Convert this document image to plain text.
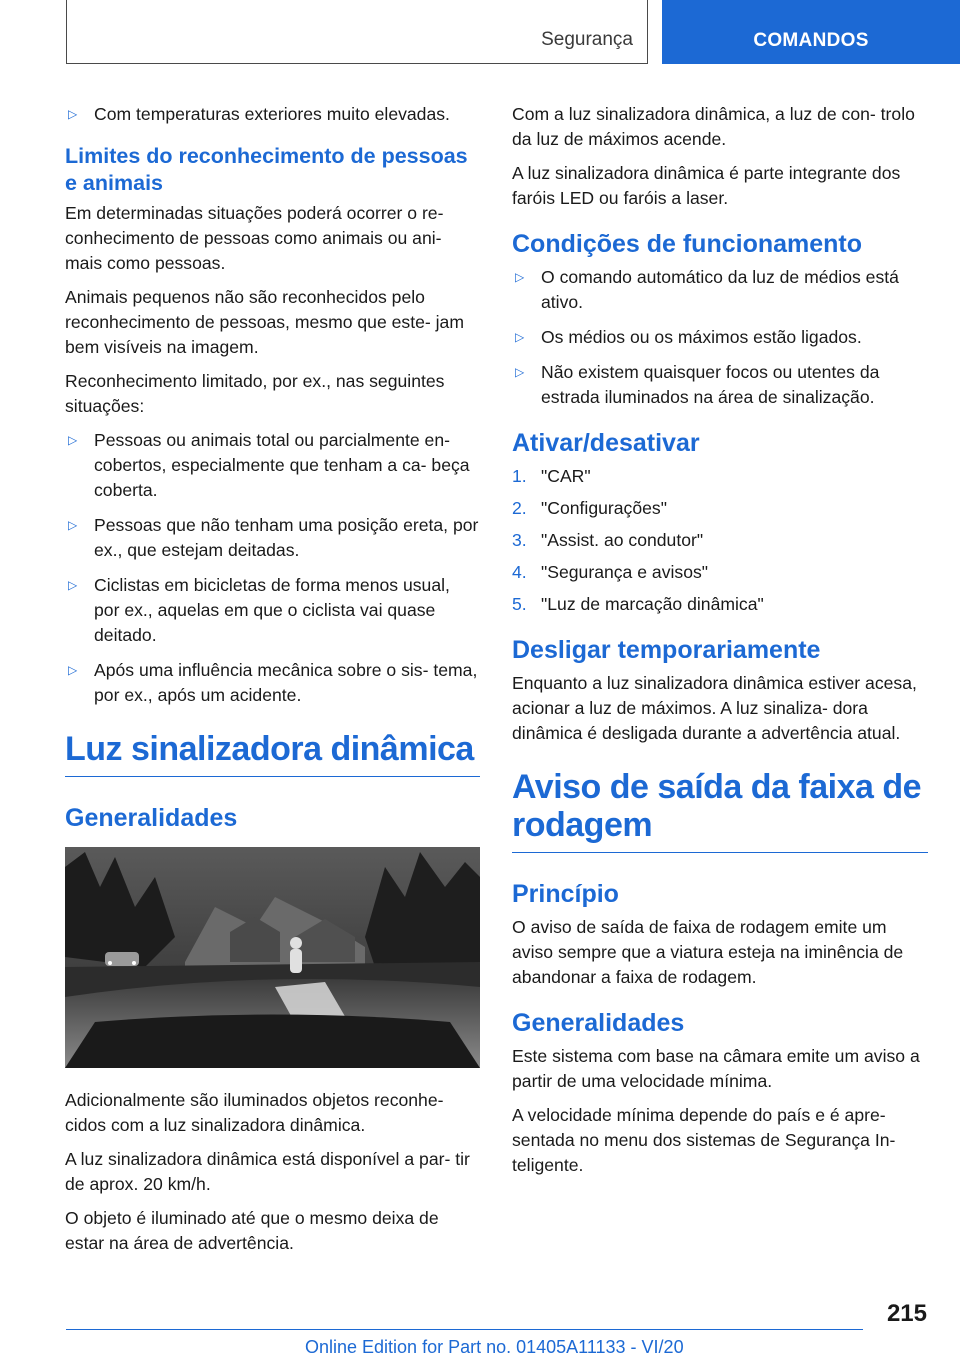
Segurança	COMANDOS
▷ Com temperaturas exteriores muito elevadas.
Limites do reconhecimento de pessoas e animais

Em determinadas situações poderá ocorrer o re- conhecimento de pessoas como animais ou ani- mais como pessoas.

Animais pequenos não são reconhecidos pelo reconhecimento de pessoas, mesmo que este- jam bem visíveis na imagem.

Reconhecimento limitado, por ex., nas seguintes situações:

▷ Pessoas ou animais total ou parcialmente en- cobertos, especialmente que tenham a ca- beça coberta.
▷ Pessoas que não tenham uma posição ereta, por ex., que estejam deitadas.
▷ Ciclistas em bicicletas de forma menos usual, por ex., aquelas em que o ciclista vai quase deitado.
▷ Após uma influência mecânica sobre o sis- tema, por ex., após um acidente.
Luz sinalizadora dinâmica
Generalidades

Adicionalmente são iluminados objetos reconhe- cidos com a luz sinalizadora dinâmica.

A luz sinalizadora dinâmica está disponível a par- tir de aprox. 20 km/h.

O objeto é iluminado até que o mesmo deixa de estar na área de advertência.

Com a luz sinalizadora dinâmica, a luz de con- trolo da luz de máximos acende.

A luz sinalizadora dinâmica é parte integrante dos faróis LED ou faróis a laser.

Condições de funcionamento
▷ O comando automático da luz de médios está ativo.
▷ Os médios ou os máximos estão ligados.
▷ Não existem quaisquer focos ou utentes da estrada iluminados na área de sinalização.
Ativar/desativar
1. "CAR"
2. "Configurações"
3. "Assist. ao condutor"
4. "Segurança e avisos"
5. "Luz de marcação dinâmica"
Desligar temporariamente

Enquanto a luz sinalizadora dinâmica estiver acesa, acionar a luz de máximos. A luz sinaliza- dora dinâmica é desligada durante a advertência atual.

Aviso de saída da faixa de rodagem
Princípio

O aviso de saída de faixa de rodagem emite um aviso sempre que a viatura esteja na iminência de abandonar a faixa de rodagem.

Generalidades

Este sistema com base na câmara emite um aviso a partir de uma velocidade mínima.

A velocidade mínima depende do país e é apre- sentada no menu dos sistemas de Segurança In- teligente.

215
Online Edition for Part no. 01405A11133 - VI/20
